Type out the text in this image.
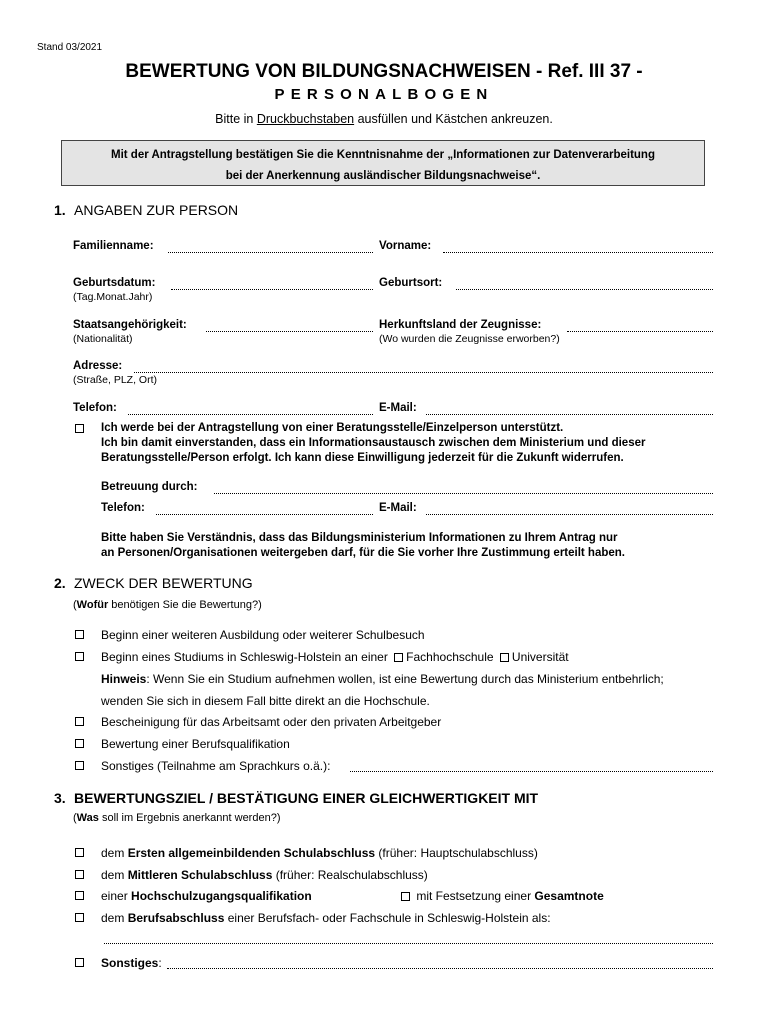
Stand 03/2021
BEWERTUNG VON BILDUNGSNACHWEISEN - Ref. III 37 -
PERSONALBOGEN
Bitte in Druckbuchstaben ausfüllen und Kästchen ankreuzen.
Mit der Antragstellung bestätigen Sie die Kenntnisnahme der „Informationen zur Datenverarbeitung
bei der Anerkennung ausländischer Bildungsnachweise“.
1. ANGABEN ZUR PERSON
Familienname:	Vorname:
Geburtsdatum:
(Tag.Monat.Jahr)
Geburtsort:
Staatsangehörigkeit:
(Nationalität)
Herkunftsland der Zeugnisse:
(Wo wurden die Zeugnisse erworben?)
Adresse:
(Straße, PLZ, Ort)
Telefon:	E-Mail:
Ich werde bei der Antragstellung von einer Beratungsstelle/Einzelperson unterstützt.
Ich bin damit einverstanden, dass ein Informationsaustausch zwischen dem Ministerium und dieser
Beratungsstelle/Person erfolgt. Ich kann diese Einwilligung jederzeit für die Zukunft widerrufen.
Betreuung durch:
Telefon:	E-Mail:
Bitte haben Sie Verständnis, dass das Bildungsministerium Informationen zu Ihrem Antrag nur
an Personen/Organisationen weitergeben darf, für die Sie vorher Ihre Zustimmung erteilt haben.
2. ZWECK DER BEWERTUNG
(Wofür benötigen Sie die Bewertung?)
Beginn einer weiteren Ausbildung oder weiterer Schulbesuch
Beginn eines Studiums in Schleswig-Holstein an einer Fachhochschule Universität
Hinweis: Wenn Sie ein Studium aufnehmen wollen, ist eine Bewertung durch das Ministerium entbehrlich;
wenden Sie sich in diesem Fall bitte direkt an die Hochschule.
Bescheinigung für das Arbeitsamt oder den privaten Arbeitgeber
Bewertung einer Berufsqualifikation
Sonstiges (Teilnahme am Sprachkurs o.ä.):
3. BEWERTUNGSZIEL / BESTÄTIGUNG EINER GLEICHWERTIGKEIT MIT
(Was soll im Ergebnis anerkannt werden?)
dem Ersten allgemeinbildenden Schulabschluss (früher: Hauptschulabschluss)
dem Mittleren Schulabschluss (früher: Realschulabschluss)
einer Hochschulzugangsqualifikation	mit Festsetzung einer Gesamtnote
dem Berufsabschluss einer Berufsfach- oder Fachschule in Schleswig-Holstein als:
Sonstiges:
